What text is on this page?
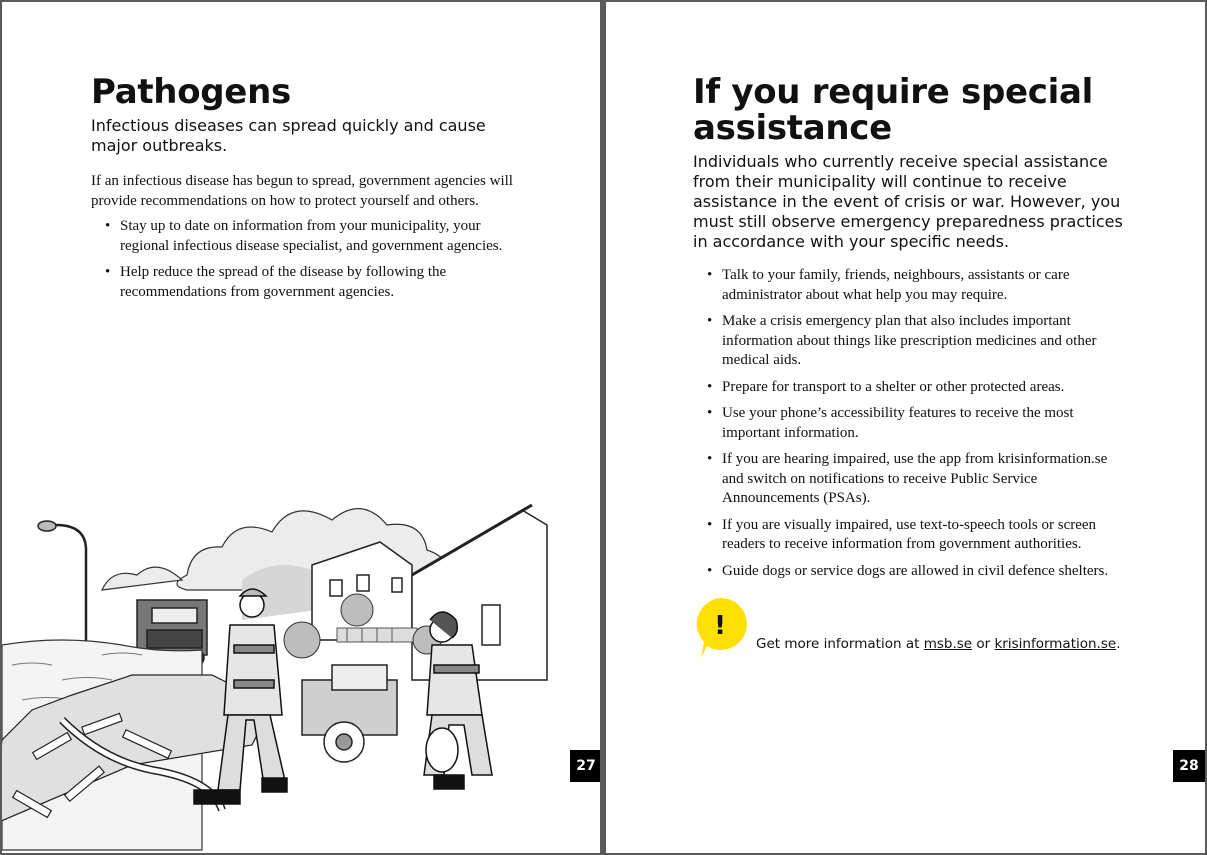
Pathogens

Infectious diseases can spread quickly and cause major outbreaks.

If an infectious disease has begun to spread, government agencies will provide recommendations on how to protect yourself and others.

• Stay up to date on information from your municipality, your regional infectious disease specialist, and government agencies.
• Help reduce the spread of the disease by following the recommendations from government agencies.
27
If you require special assistance

Individuals who currently receive special assistance from their municipality will continue to receive assistance in the event of crisis or war. However, you must still observe emergency preparedness practices in accordance with your specific needs.

• Talk to your family, friends, neighbours, assistants or care administrator about what help you may require.
• Make a crisis emergency plan that also includes important information about things like prescription medicines and other medical aids.
• Prepare for transport to a shelter or other protected areas.
• Use your phone’s accessibility features to receive the most important information.
• If you are hearing impaired, use the app from krisinformation.se and switch on notifications to receive Public Service Announcements (PSAs).
• If you are visually impaired, use text-to-speech tools or screen readers to receive information from government authorities.
• Guide dogs or service dogs are allowed in civil defence shelters.
!

Get more information at msb.se or krisinformation.se.

28
